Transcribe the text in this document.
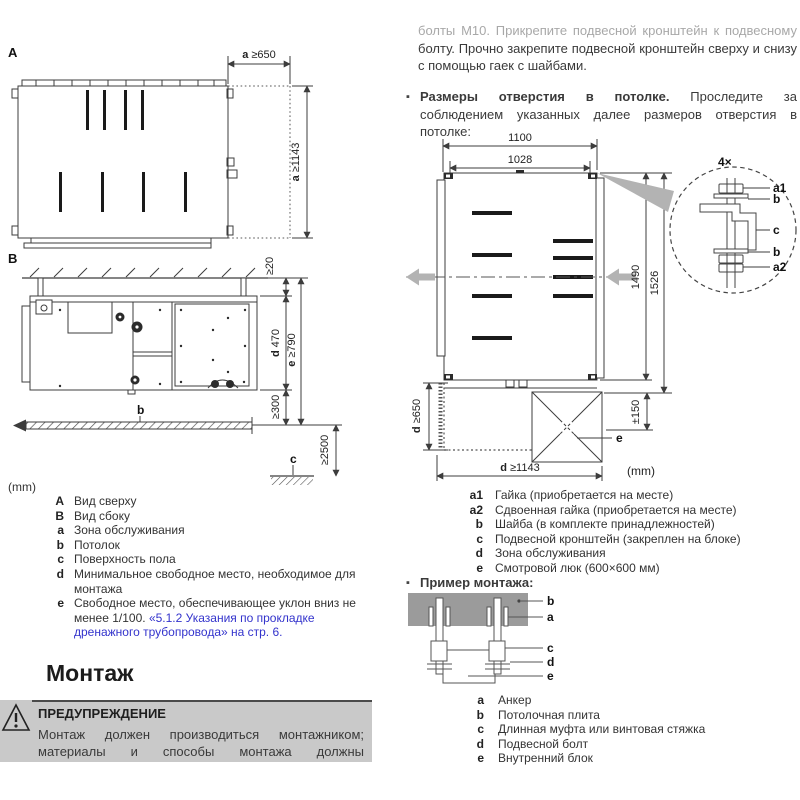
A	a ≥650
a≥1143
B
b
c
≥20
d470
e≥790
≥300
≥2500
(mm)
A Вид сверху
B Вид сбоку
a Зона обслуживания
b Потолок
c Поверхность пола
d Минимальное свободное место, необходимое для монтажа
e Свободное место, обеспечивающее уклон вниз не менее 1/100. «5.1.2 Указания по прокладке дренажного трубопровода» на стр. 6.
Монтаж
ПРЕДУПРЕЖДЕНИЕ
Монтаж должен производиться монтажником;
материалы и способы монтажа должны
болты М10. Прикрепите подвесной кронштейн к подвесному
болту. Прочно закрепите подвесной кронштейн сверху и снизу
с помощью гаек с шайбами.
▪ Размеры отверстия в потолке. Проследите за соблюдением указанных далее размеров отверстия в потолке:	1100
1028
1490 1526
4×
a1
b
c
b
a2
d≥650	±150
e
d ≥1143	(mm)
a1 Гайка (приобретается на месте)
a2 Сдвоенная гайка (приобретается на месте)
b Шайба (в комплекте принадлежностей)
c Подвесной кронштейн (закреплен на блоке)
d Зона обслуживания
e Смотровой люк (600×600 мм)
▪ Пример монтажа:
b
a
c
d
e
a Анкер
b Потолочная плита
c Длинная муфта или винтовая стяжка
d Подвесной болт
e Внутренний блок
